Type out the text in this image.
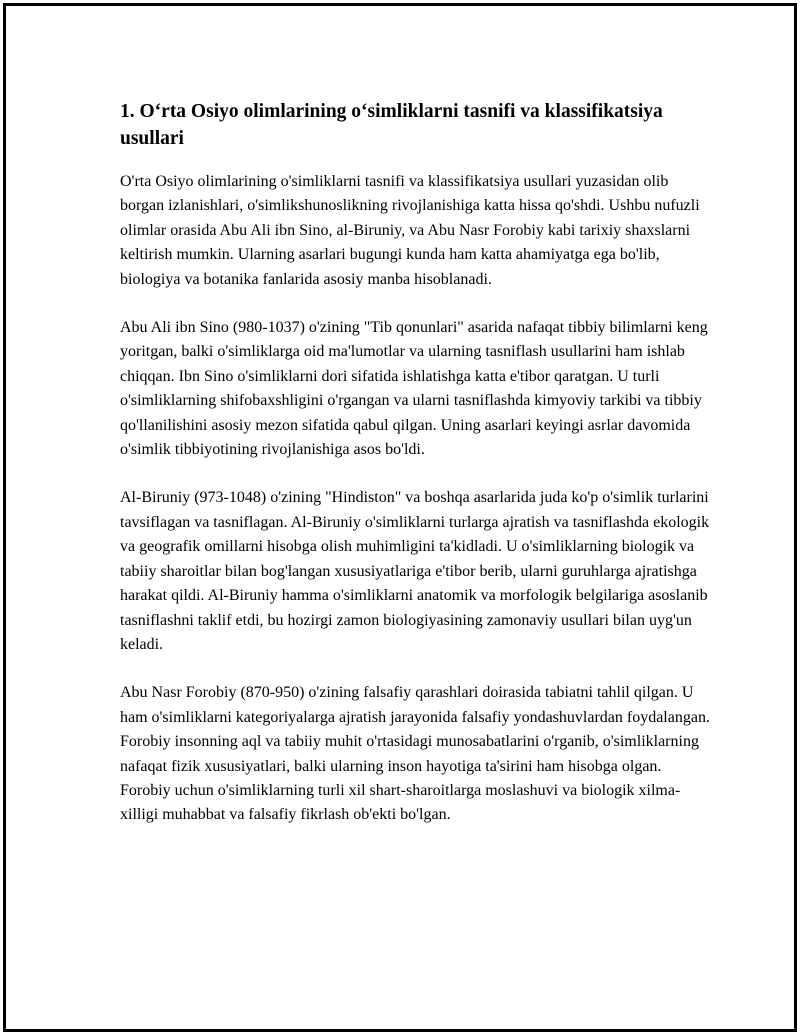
1. O‘rta Osiyo olimlarining o‘simliklarni tasnifi va klassifikatsiya usullari

O'rta Osiyo olimlarining o'simliklarni tasnifi va klassifikatsiya usullari yuzasidan olib borgan izlanishlari, o'simlikshunoslikning rivojlanishiga katta hissa qo'shdi. Ushbu nufuzli olimlar orasida Abu Ali ibn Sino, al-Biruniy, va Abu Nasr Forobiy kabi tarixiy shaxslarni keltirish mumkin. Ularning asarlari bugungi kunda ham katta ahamiyatga ega bo'lib, biologiya va botanika fanlarida asosiy manba hisoblanadi.

Abu Ali ibn Sino (980-1037) o'zining "Tib qonunlari" asarida nafaqat tibbiy bilimlarni keng yoritgan, balki o'simliklarga oid ma'lumotlar va ularning tasniflash usullarini ham ishlab chiqqan. Ibn Sino o'simliklarni dori sifatida ishlatishga katta e'tibor qaratgan. U turli o'simliklarning shifobaxshligini o'rgangan va ularni tasniflashda kimyoviy tarkibi va tibbiy qo'llanilishini asosiy mezon sifatida qabul qilgan. Uning asarlari keyingi asrlar davomida o'simlik tibbiyotining rivojlanishiga asos bo'ldi.

Al-Biruniy (973-1048) o'zining "Hindiston" va boshqa asarlarida juda ko'p o'simlik turlarini tavsiflagan va tasniflagan. Al-Biruniy o'simliklarni turlarga ajratish va tasniflashda ekologik va geografik omillarni hisobga olish muhimligini ta'kidladi. U o'simliklarning biologik va tabiiy sharoitlar bilan bog'langan xususiyatlariga e'tibor berib, ularni guruhlarga ajratishga harakat qildi. Al-Biruniy hamma o'simliklarni anatomik va morfologik belgilariga asoslanib tasniflashni taklif etdi, bu hozirgi zamon biologiyasining zamonaviy usullari bilan uyg'un keladi.

Abu Nasr Forobiy (870-950) o'zining falsafiy qarashlari doirasida tabiatni tahlil qilgan. U ham o'simliklarni kategoriyalarga ajratish jarayonida falsafiy yondashuvlardan foydalangan. Forobiy insonning aql va tabiiy muhit o'rtasidagi munosabatlarini o'rganib, o'simliklarning nafaqat fizik xususiyatlari, balki ularning inson hayotiga ta'sirini ham hisobga olgan. Forobiy uchun o'simliklarning turli xil shart-sharoitlarga moslashuvi va biologik xilma-xilligi muhabbat va falsafiy fikrlash ob'ekti bo'lgan.
